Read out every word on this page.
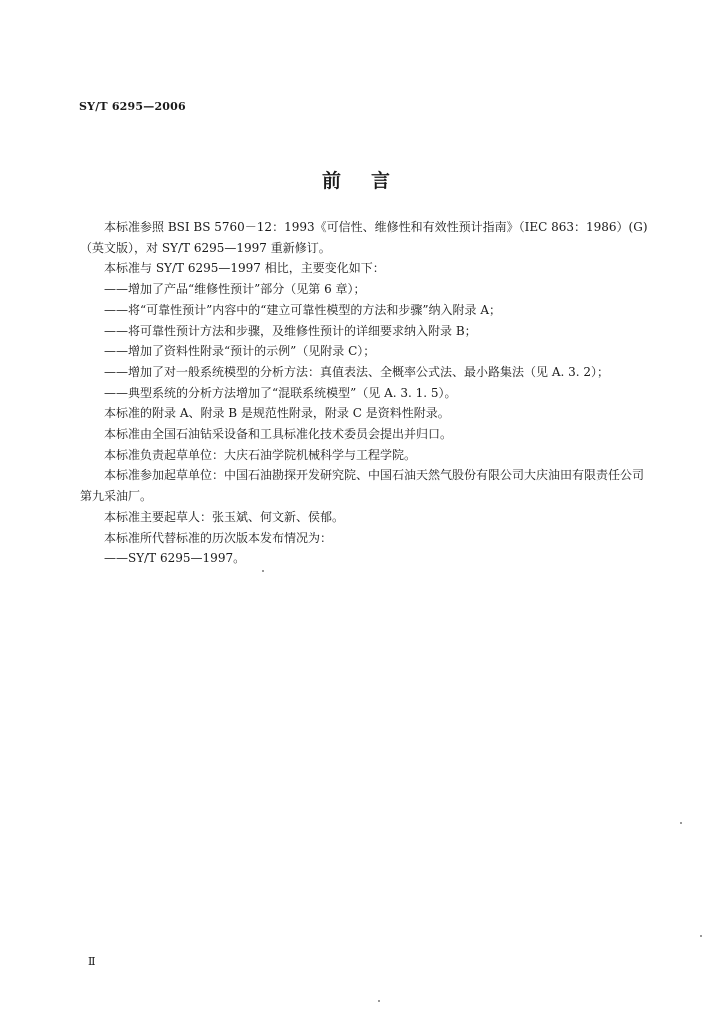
SY/T 6295—2006
前言

本标准参照 BSI BS 5760－12：1993《可信性、维修性和有效性预计指南》（IEC 863：1986）(G)（英文版），对 SY/T 6295—1997 重新修订。

本标准与 SY/T 6295—1997 相比，主要变化如下：

——增加了产品“维修性预计”部分（见第 6 章）；

——将“可靠性预计”内容中的“建立可靠性模型的方法和步骤”纳入附录 A；

——将可靠性预计方法和步骤，及维修性预计的详细要求纳入附录 B；

——增加了资料性附录“预计的示例”（见附录 C）；

——增加了对一般系统模型的分析方法：真值表法、全概率公式法、最小路集法（见 A. 3. 2）；

——典型系统的分析方法增加了“混联系统模型”（见 A. 3. 1. 5）。

本标准的附录 A、附录 B 是规范性附录，附录 C 是资料性附录。

本标准由全国石油钻采设备和工具标准化技术委员会提出并归口。

本标准负责起草单位：大庆石油学院机械科学与工程学院。

本标准参加起草单位：中国石油勘探开发研究院、中国石油天然气股份有限公司大庆油田有限责任公司第九采油厂。

本标准主要起草人：张玉斌、何文新、侯郁。

本标准所代替标准的历次版本发布情况为：

——SY/T 6295—1997。

Ⅱ
